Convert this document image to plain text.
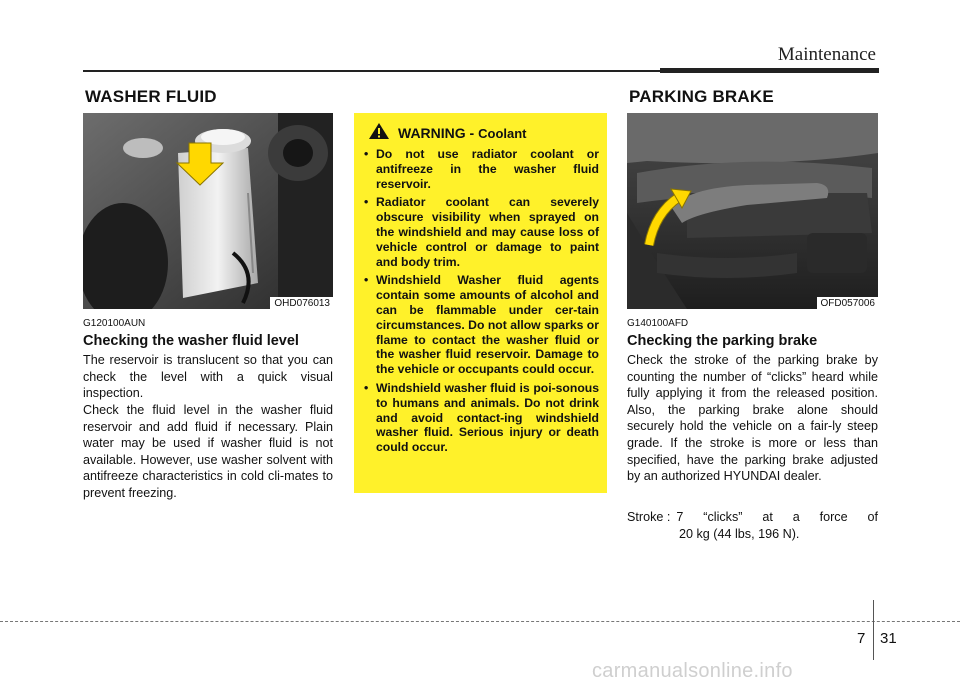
Maintenance
WASHER FLUID
OHD076013
G120100AUN
Checking the washer fluid level

The reservoir is translucent so that you can check the level with a quick visual inspection.

Check the fluid level in the washer fluid reservoir and add fluid if necessary. Plain water may be used if washer fluid is not available. However, use washer solvent with antifreeze characteristics in cold cli-mates to prevent freezing.

WARNING - Coolant
• Do not use radiator coolant or antifreeze in the washer fluid reservoir.
• Radiator coolant can severely obscure visibility when sprayed on the windshield and may cause loss of vehicle control or damage to paint and body trim.
• Windshield Washer fluid agents contain some amounts of alcohol and can be flammable under cer-tain circumstances. Do not allow sparks or flame to contact the washer fluid or the washer fluid reservoir. Damage to the vehicle or occupants could occur.
• Windshield washer fluid is poi-sonous to humans and animals. Do not drink and avoid contact-ing windshield washer fluid. Serious injury or death could occur.
PARKING BRAKE
OFD057006
G140100AFD
Checking the parking brake

Check the stroke of the parking brake by counting the number of “clicks” heard while fully applying it from the released position. Also, the parking brake alone should securely hold the vehicle on a fair-ly steep grade. If the stroke is more or less than specified, have the parking brake adjusted by an authorized HYUNDAI dealer.

Stroke : 7 “clicks” at a force of
20 kg (44 lbs, 196 N).
7 31
carmanualsonline.info
